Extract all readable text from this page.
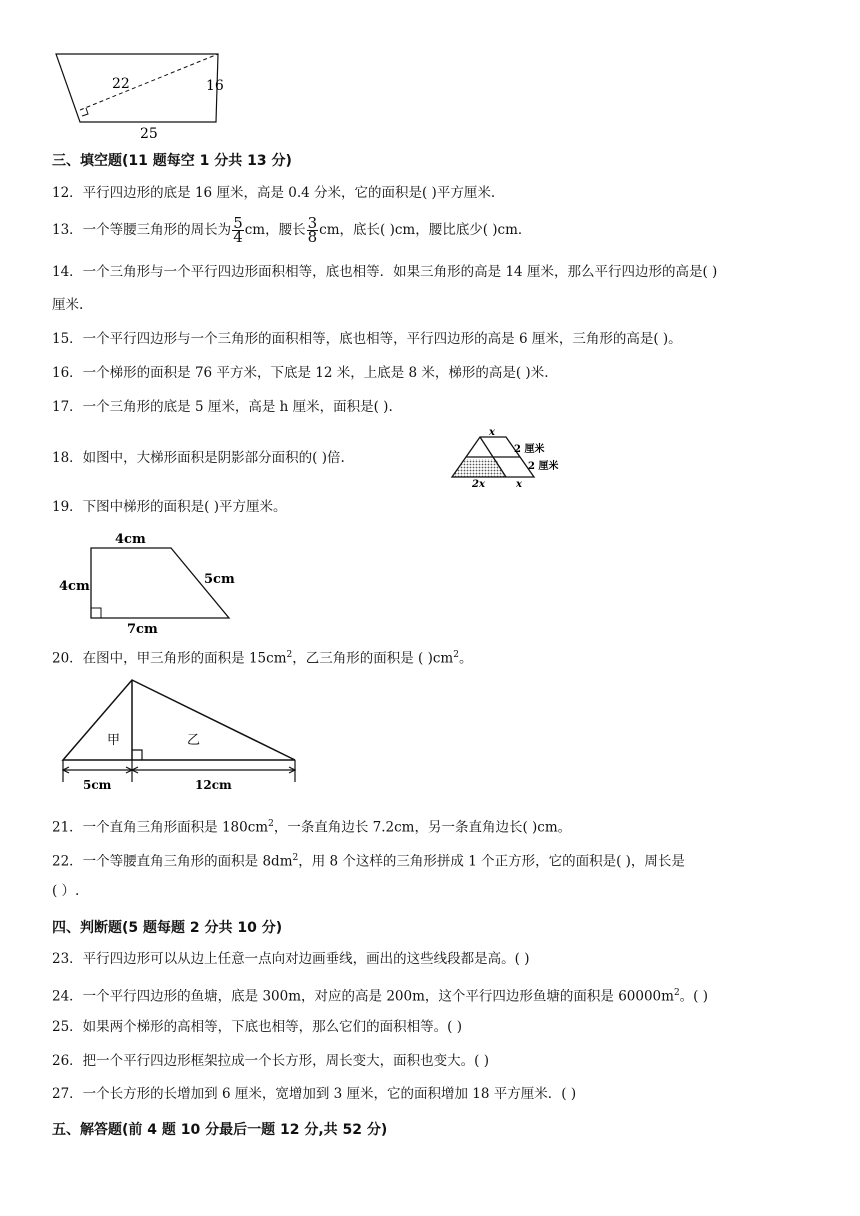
22	16
25
三、填空题(11 题每空 1 分共 13 分)
12．平行四边形的底是 16 厘米，高是 0.4 分米，它的面积是( )平方厘米.
13．一个等腰三角形的周长为 $\frac{5}{4}$ cm，腰长 $\frac{3}{8}$ cm，底长( )cm，腰比底少( )cm．
14．一个三角形与一个平行四边形面积相等，底也相等．如果三角形的高是 14 厘米，那么平行四边形的高是( )
厘米.
15．一个平行四边形与一个三角形的面积相等，底也相等，平行四边形的高是 6 厘米，三角形的高是( )。
16．一个梯形的面积是 76 平方米，下底是 12 米，上底是 8 米，梯形的高是( )米.
17．一个三角形的底是 5 厘米，高是 h 厘米，面积是( ).
18．如图中，大梯形面积是阴影部分面积的( )倍.
x
2 厘米
2 厘米
2x	x
19．下图中梯形的面积是( )平方厘米。
4cm
4cm	5cm
7cm
20．在图中，甲三角形的面积是 $15cm^2$，乙三角形的面积是 ( )$cm^2$。
甲	乙
5cm	12cm
21．一个直角三角形面积是 $180cm^2$，一条直角边长 7.2cm，另一条直角边长( )cm。
22．一个等腰直角三角形的面积是 $8dm^2$，用 8 个这样的三角形拼成 1 个正方形，它的面积是( )，周长是
( ）.
四、判断题(5 题每题 2 分共 10 分)
23．平行四边形可以从边上任意一点向对边画垂线，画出的这些线段都是高。( )
24．一个平行四边形的鱼塘，底是 300m，对应的高是 200m，这个平行四边形鱼塘的面积是 $60000m^2$。( )
25．如果两个梯形的高相等，下底也相等，那么它们的面积相等。( )
26．把一个平行四边形框架拉成一个长方形，周长变大，面积也变大。( )
27．一个长方形的长增加到 6 厘米，宽增加到 3 厘米，它的面积增加 18 平方厘米．( )
五、解答题(前 4 题 10 分最后一题 12 分,共 52 分)
